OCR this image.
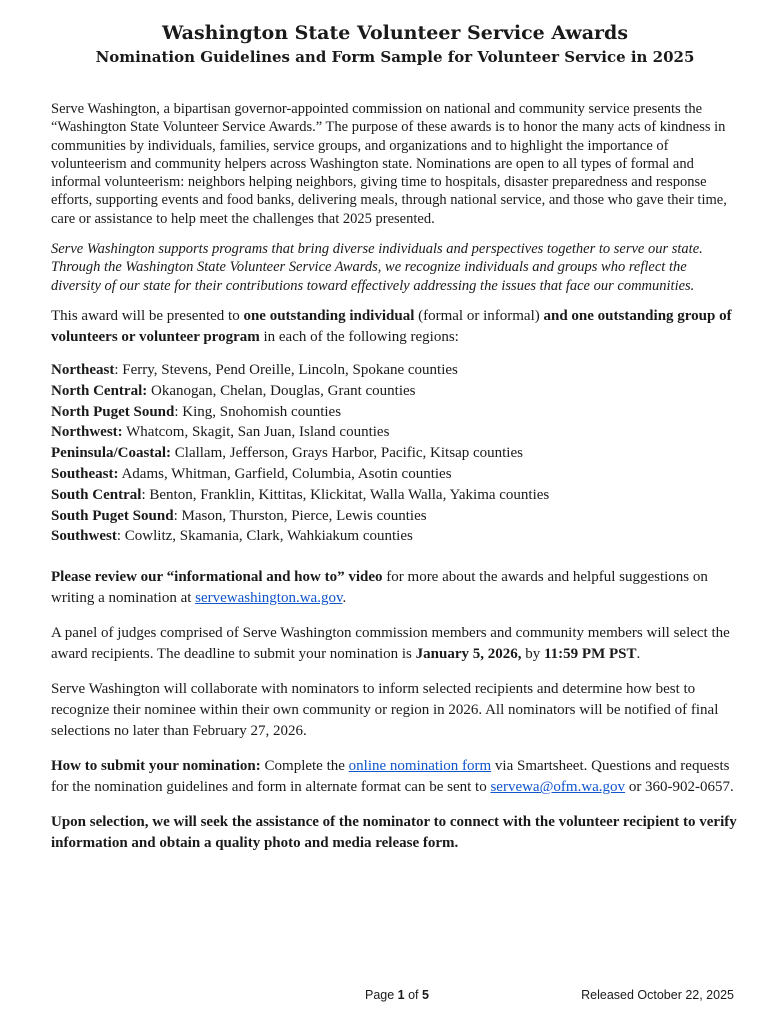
Washington State Volunteer Service Awards
Nomination Guidelines and Form Sample for Volunteer Service in 2025

Serve Washington, a bipartisan governor-appointed commission on national and community service presents the “Washington State Volunteer Service Awards.” The purpose of these awards is to honor the many acts of kindness in communities by individuals, families, service groups, and organizations and to highlight the importance of volunteerism and community helpers across Washington state. Nominations are open to all types of formal and informal volunteerism: neighbors helping neighbors, giving time to hospitals, disaster preparedness and response efforts, supporting events and food banks, delivering meals, through national service, and those who gave their time, care or assistance to help meet the challenges that 2025 presented.

Serve Washington supports programs that bring diverse individuals and perspectives together to serve our state. Through the Washington State Volunteer Service Awards, we recognize individuals and groups who reflect the diversity of our state for their contributions toward effectively addressing the issues that face our communities.

This award will be presented to one outstanding individual (formal or informal) and one outstanding group of volunteers or volunteer program in each of the following regions:

Northeast: Ferry, Stevens, Pend Oreille, Lincoln, Spokane counties
North Central: Okanogan, Chelan, Douglas, Grant counties
North Puget Sound: King, Snohomish counties
Northwest: Whatcom, Skagit, San Juan, Island counties
Peninsula/Coastal: Clallam, Jefferson, Grays Harbor, Pacific, Kitsap counties
Southeast: Adams, Whitman, Garfield, Columbia, Asotin counties
South Central: Benton, Franklin, Kittitas, Klickitat, Walla Walla, Yakima counties
South Puget Sound: Mason, Thurston, Pierce, Lewis counties
Southwest: Cowlitz, Skamania, Clark, Wahkiakum counties

Please review our “informational and how to” video for more about the awards and helpful suggestions on writing a nomination at servewashington.wa.gov.

A panel of judges comprised of Serve Washington commission members and community members will select the award recipients. The deadline to submit your nomination is January 5, 2026, by 11:59 PM PST.

Serve Washington will collaborate with nominators to inform selected recipients and determine how best to recognize their nominee within their own community or region in 2026. All nominators will be notified of final selections no later than February 27, 2026.

How to submit your nomination: Complete the online nomination form via Smartsheet. Questions and requests for the nomination guidelines and form in alternate format can be sent to servewa@ofm.wa.gov or 360-902-0657.

Upon selection, we will seek the assistance of the nominator to connect with the volunteer recipient to verify information and obtain a quality photo and media release form.

Page 1 of 5	Released October 22, 2025
